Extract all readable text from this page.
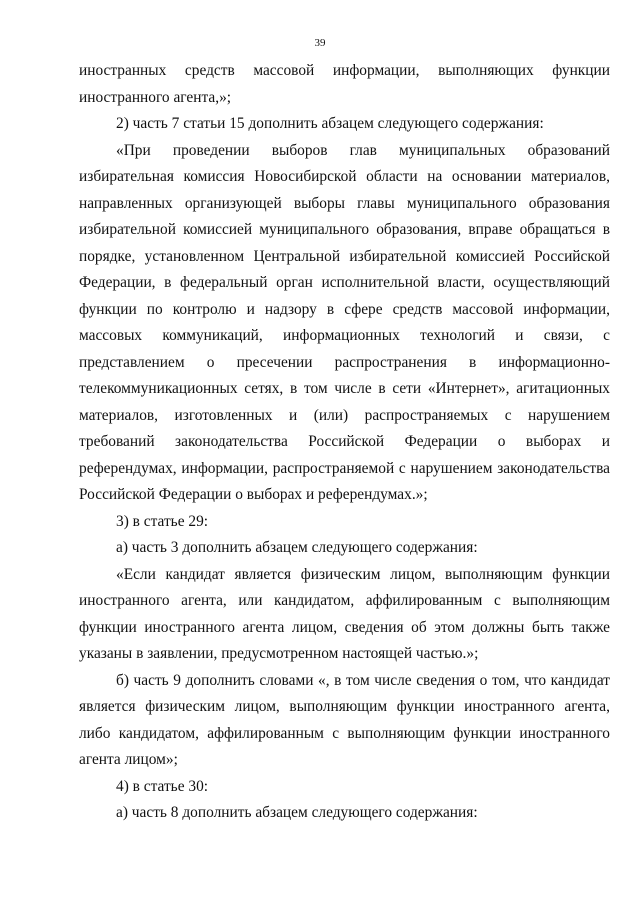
39

иностранных средств массовой информации, выполняющих функции иностранного агента,»;

2) часть 7 статьи 15 дополнить абзацем следующего содержания:

«При проведении выборов глав муниципальных образований избирательная комиссия Новосибирской области на основании материалов, направленных организующей выборы главы муниципального образования избирательной комиссией муниципального образования, вправе обращаться в порядке, установленном Центральной избирательной комиссией Российской Федерации, в федеральный орган исполнительной власти, осуществляющий функции по контролю и надзору в сфере средств массовой информации, массовых коммуникаций, информационных технологий и связи, с представлением о пресечении распространения в информационно-телекоммуникационных сетях, в том числе в сети «Интернет», агитационных материалов, изготовленных и (или) распространяемых с нарушением требований законодательства Российской Федерации о выборах и референдумах, информации, распространяемой с нарушением законодательства Российской Федерации о выборах и референдумах.»;

3) в статье 29:

а) часть 3 дополнить абзацем следующего содержания:

«Если кандидат является физическим лицом, выполняющим функции иностранного агента, или кандидатом, аффилированным с выполняющим функции иностранного агента лицом, сведения об этом должны быть также указаны в заявлении, предусмотренном настоящей частью.»;

б) часть 9 дополнить словами «, в том числе сведения о том, что кандидат является физическим лицом, выполняющим функции иностранного агента, либо кандидатом, аффилированным с выполняющим функции иностранного агента лицом»;

4) в статье 30:

а) часть 8 дополнить абзацем следующего содержания:
